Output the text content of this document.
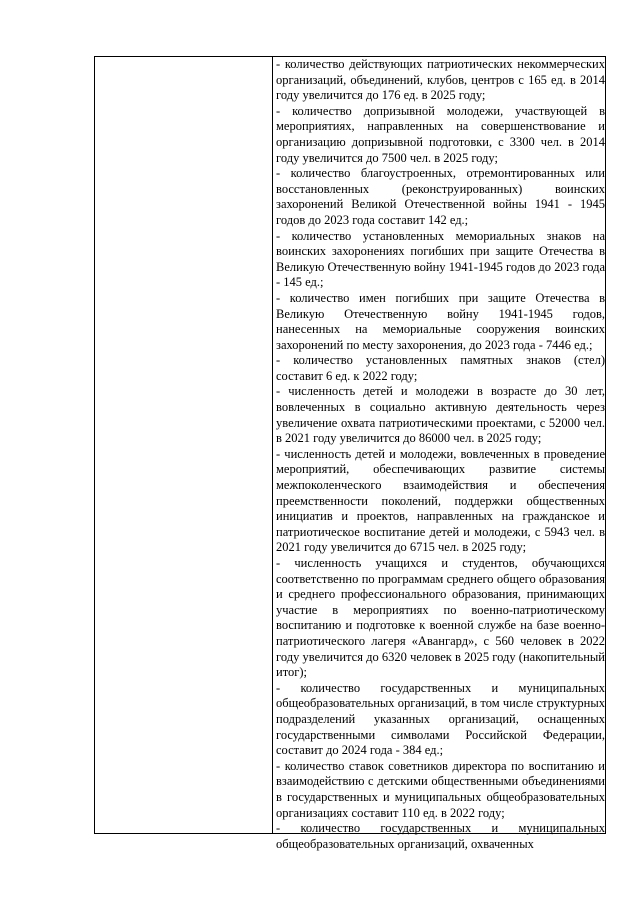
- количество действующих патриотических некоммерческих организаций, объединений, клубов, центров с 165 ед. в 2014 году увеличится до 176 ед. в 2025 году;

- количество допризывной молодежи, участвующей в мероприятиях, направленных на совершенствование и организацию допризывной подготовки, с 3300 чел. в 2014 году увеличится до 7500 чел. в 2025 году;

- количество благоустроенных, отремонтированных или восстановленных (реконструированных) воинских захоронений Великой Отечественной войны 1941 - 1945 годов до 2023 года составит 142 ед.;

- количество установленных мемориальных знаков на воинских захоронениях погибших при защите Отечества в Великую Отечественную войну 1941-1945 годов до 2023 года - 145 ед.;

- количество имен погибших при защите Отечества в Великую Отечественную войну 1941-1945 годов, нанесенных на мемориальные сооружения воинских захоронений по месту захоронения, до 2023 года - 7446 ед.;

- количество установленных памятных знаков (стел) составит 6 ед. к 2022 году;

- численность детей и молодежи в возрасте до 30 лет, вовлеченных в социально активную деятельность через увеличение охвата патриотическими проектами, с 52000 чел. в 2021 году увеличится до 86000 чел. в 2025 году;

- численность детей и молодежи, вовлеченных в проведение мероприятий, обеспечивающих развитие системы межпоколенческого взаимодействия и обеспечения преемственности поколений, поддержки общественных инициатив и проектов, направленных на гражданское и патриотическое воспитание детей и молодежи, с 5943 чел. в 2021 году увеличится до 6715 чел. в 2025 году;

- численность учащихся и студентов, обучающихся соответственно по программам среднего общего образования и среднего профессионального образования, принимающих участие в мероприятиях по военно-патриотическому воспитанию и подготовке к военной службе на базе военно-патриотического лагеря «Авангард», с 560 человек в 2022 году увеличится до 6320 человек в 2025 году (накопительный итог);

- количество государственных и муниципальных общеобразовательных организаций, в том числе структурных подразделений указанных организаций, оснащенных государственными символами Российской Федерации, составит до 2024 года - 384 ед.;

- количество ставок советников директора по воспитанию и взаимодействию с детскими общественными объединениями в государственных и муниципальных общеобразовательных организациях составит 110 ед. в 2022 году;

- количество государственных и муниципальных общеобразовательных организаций, охваченных
